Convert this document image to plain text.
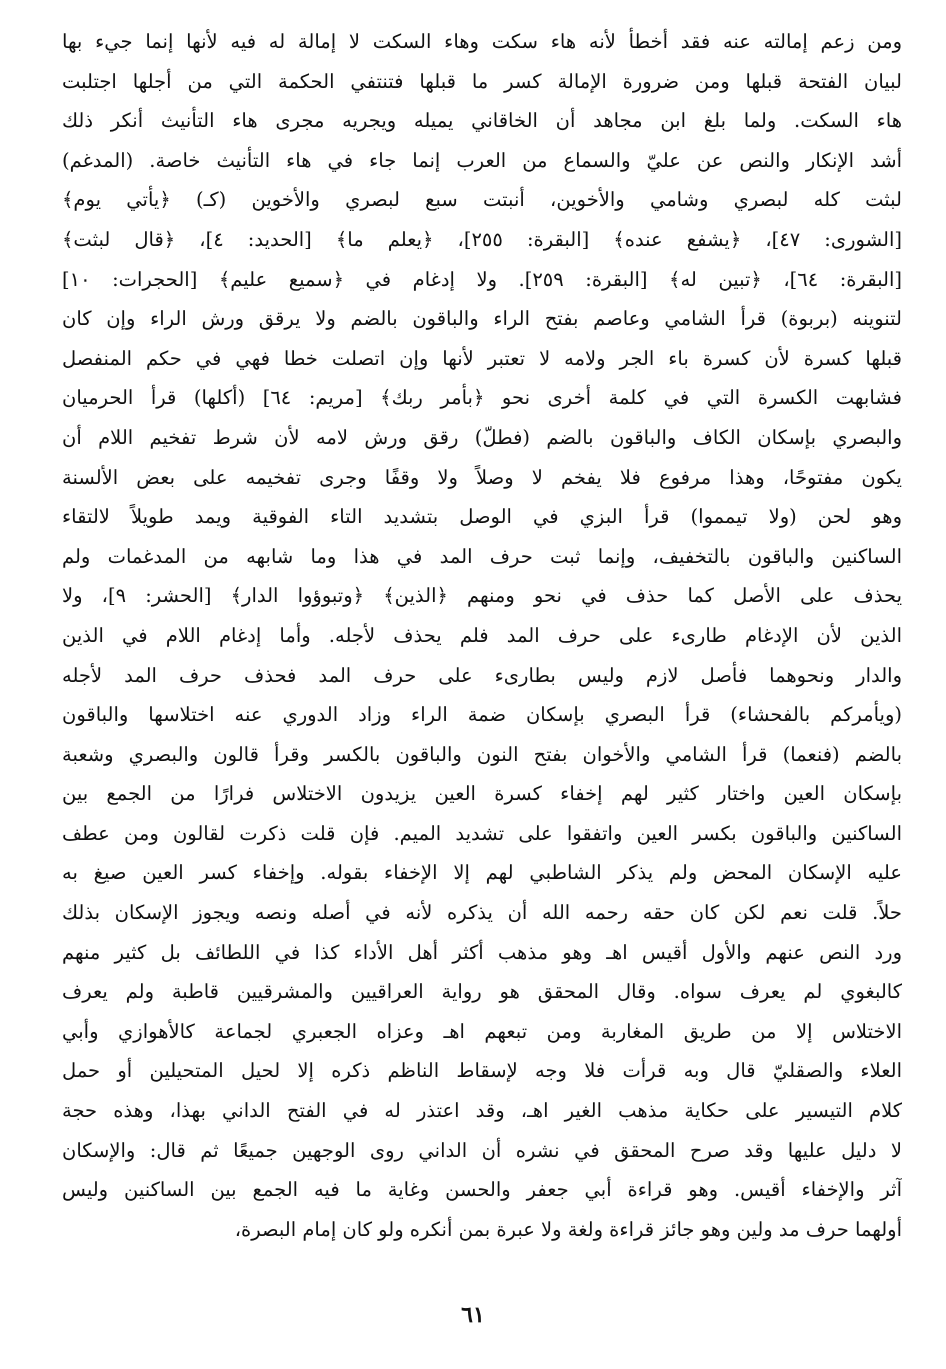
ومن زعم إمالته عنه فقد أخطأ لأنه هاء سكت وهاء السكت لا إمالة له فيه لأنها إنما جيء بها
لبيان الفتحة قبلها ومن ضرورة الإمالة كسر ما قبلها فتنتفي الحكمة التي من أجلها اجتلبت
هاء السكت. ولما بلغ ابن مجاهد أن الخاقاني يميله ويجريه مجرى هاء التأنيث أنكر ذلك
أشد الإنكار والنص عن عليّ والسماع من العرب إنما جاء في هاء التأنيث خاصة. (المدغم)
لبثت كله لبصري وشامي والأخوين، أنبتت سبع لبصري والأخوين (كـ) ﴿يأتي يوم﴾
[الشورى: ٤٧]، ﴿يشفع عنده﴾ [البقرة: ٢٥٥]، ﴿يعلم ما﴾ [الحديد: ٤]، ﴿قال لبثت﴾
[البقرة: ٦٤]، ﴿تبين له﴾ [البقرة: ٢٥٩]. ولا إدغام في ﴿سميع عليم﴾ [الحجرات: ١٠]
لتنوينه (بربوة) قرأ الشامي وعاصم بفتح الراء والباقون بالضم ولا يرقق ورش الراء وإن كان
قبلها كسرة لأن كسرة باء الجر ولامه لا تعتبر لأنها وإن اتصلت خطا فهي في حكم المنفصل
فشابهت الكسرة التي في كلمة أخرى نحو ﴿بأمر ربك﴾ [مريم: ٦٤] (أكلها) قرأ الحرميان
والبصري بإسكان الكاف والباقون بالضم (فطلّ) رقق ورش لامه لأن شرط تفخيم اللام أن
يكون مفتوحًا، وهذا مرفوع فلا يفخم لا وصلاً ولا وقفًا وجرى تفخيمه على بعض الألسنة
وهو لحن (ولا تيمموا) قرأ البزي في الوصل بتشديد التاء الفوقية ويمد طويلاً لالتقاء
الساكنين والباقون بالتخفيف، وإنما ثبت حرف المد في هذا وما شابهه من المدغمات ولم
يحذف على الأصل كما حذف في نحو ومنهم ﴿الذين﴾ ﴿وتبوؤوا الدار﴾ [الحشر: ٩]، ولا
الذين لأن الإدغام طارىء على حرف المد فلم يحذف لأجله. وأما إدغام اللام في الذين
والدار ونحوهما فأصل لازم وليس بطارىء على حرف المد فحذف حرف المد لأجله
(ويأمركم بالفحشاء) قرأ البصري بإسكان ضمة الراء وزاد الدوري عنه اختلاسها والباقون
بالضم (فنعما) قرأ الشامي والأخوان بفتح النون والباقون بالكسر وقرأ قالون والبصري وشعبة
بإسكان العين واختار كثير لهم إخفاء كسرة العين يزيدون الاختلاس فرارًا من الجمع بين
الساكنين والباقون بكسر العين واتفقوا على تشديد الميم. فإن قلت ذكرت لقالون ومن عطف
عليه الإسكان المحض ولم يذكر الشاطبي لهم إلا الإخفاء بقوله. وإخفاء كسر العين صيغ به
حلاً. قلت نعم لكن كان حقه رحمه الله أن يذكره لأنه في أصله ونصه ويجوز الإسكان بذلك
ورد النص عنهم والأول أقيس اهـ وهو مذهب أكثر أهل الأداء كذا في اللطائف بل كثير منهم
كالبغوي لم يعرف سواه. وقال المحقق هو رواية العراقيين والمشرقيين قاطبة ولم يعرف
الاختلاس إلا من طريق المغاربة ومن تبعهم اهـ وعزاه الجعبري لجماعة كالأهوازي وأبي
العلاء والصقليّ قال وبه قرأت فلا وجه لإسقاط الناظم ذكره إلا لحيل المتحيلين أو حمل
كلام التيسير على حكاية مذهب الغير اهـ، وقد اعتذر له في الفتح الداني بهذا، وهذه حجة
لا دليل عليها وقد صرح المحقق في نشره أن الداني روى الوجهين جميعًا ثم قال: والإسكان
آثر والإخفاء أقيس. وهو قراءة أبي جعفر والحسن وغاية ما فيه الجمع بين الساكنين وليس
أولهما حرف مد ولين وهو جائز قراءة ولغة ولا عبرة بمن أنكره ولو كان إمام البصرة،
٦١
